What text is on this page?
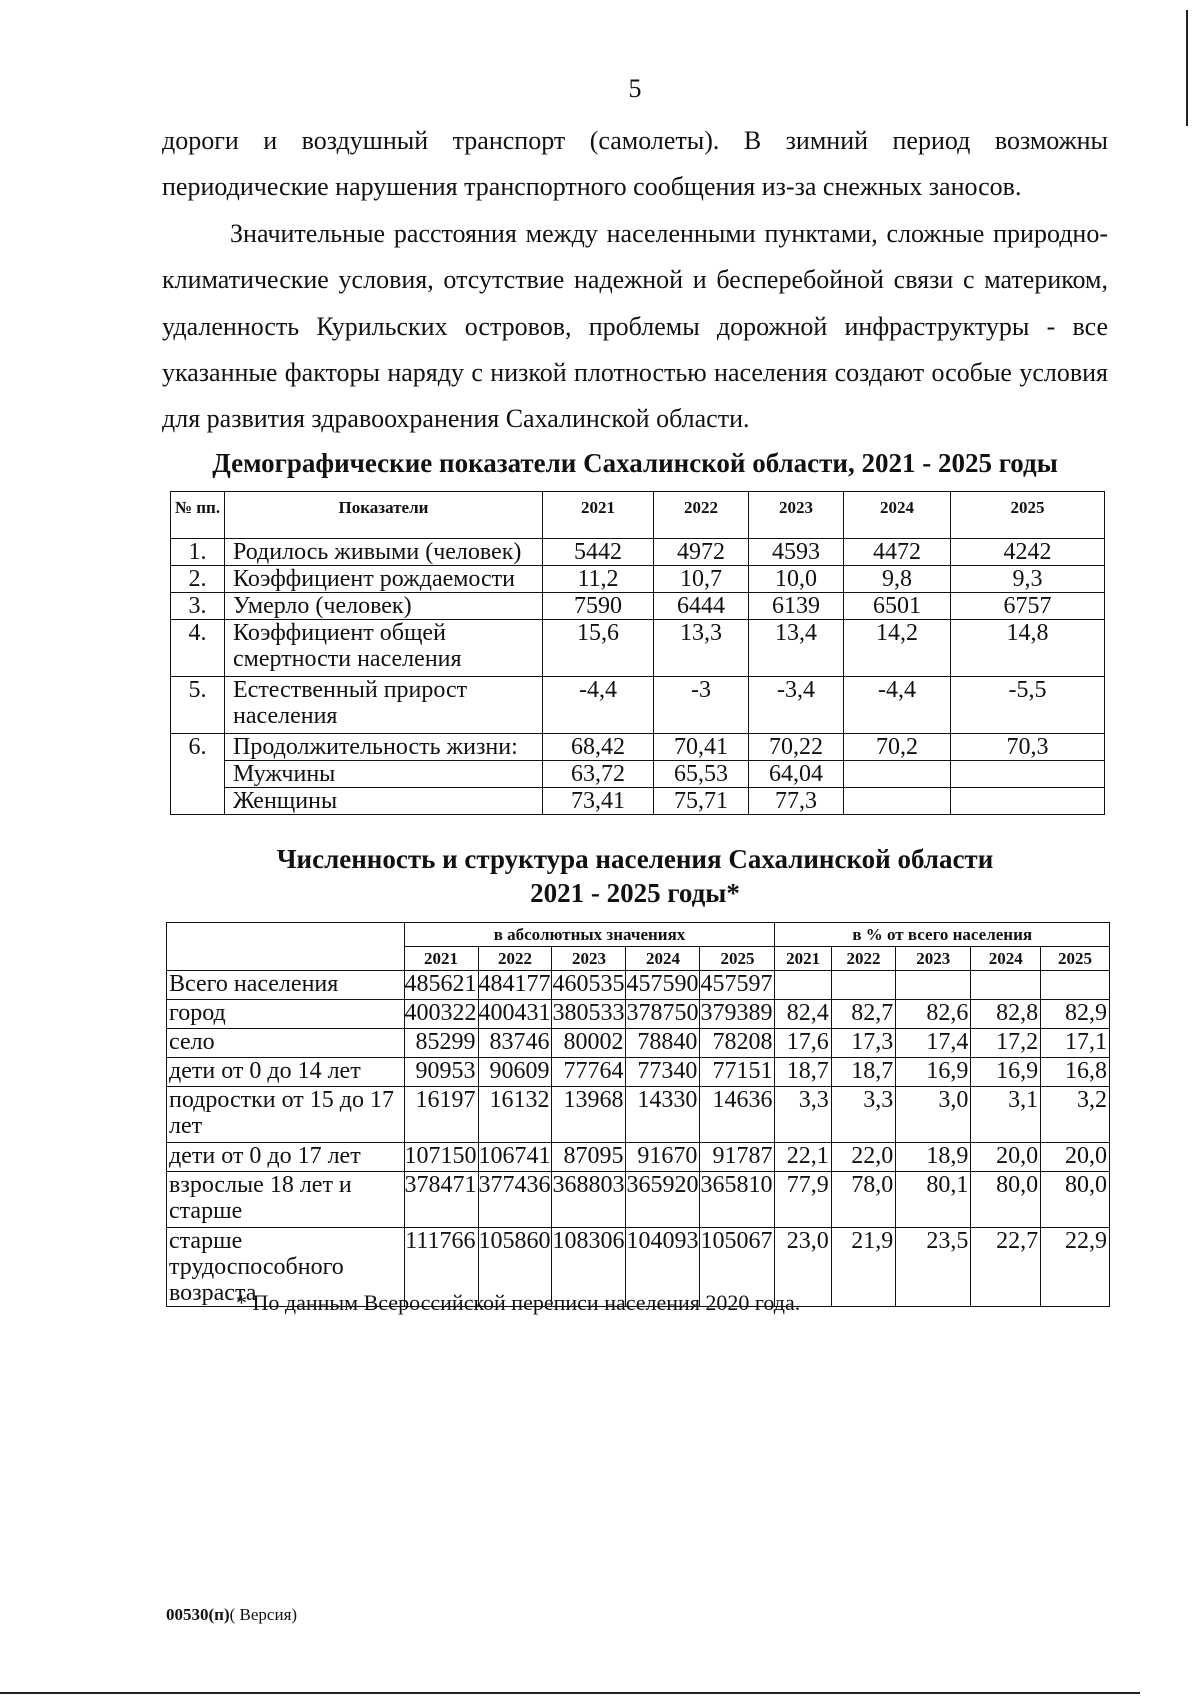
5

дороги и воздушный транспорт (самолеты). В зимний период возможны периодические нарушения транспортного сообщения из-за снежных заносов.

Значительные расстояния между населенными пунктами, сложные природно-климатические условия, отсутствие надежной и бесперебойной связи с материком, удаленность Курильских островов, проблемы дорожной инфраструктуры - все указанные факторы наряду с низкой плотностью населения создают особые условия для развития здравоохранения Сахалинской области.

Демографические показатели Сахалинской области, 2021 - 2025 годы
№ пп.	Показатели	2021	2022	2023	2024	2025
1.	Родилось живыми (человек)	5442	4972	4593	4472	4242
2.	Коэффициент рождаемости	11,2	10,7	10,0	9,8	9,3
3.	Умерло (человек)	7590	6444	6139	6501	6757
4.	Коэффициент общей смертности населения	15,6	13,3	13,4	14,2	14,8
5.	Естественный прирост населения	-4,4	-3	-3,4	-4,4	-5,5
6.	Продолжительность жизни:	68,42	70,41	70,22	70,2	70,3
	Мужчины	63,72	65,53	64,04		
	Женщины	73,41	75,71	77,3		
Численность и структура населения Сахалинской области
2021 - 2025 годы*
	в абсолютных значениях					в % от всего населения				
	2021	2022	2023	2024	2025	2021	2022	2023	2024	2025
Всего населения	485621	484177	460535	457590	457597					
город	400322	400431	380533	378750	379389	82,4	82,7	82,6	82,8	82,9
село	85299	83746	80002	78840	78208	17,6	17,3	17,4	17,2	17,1
дети от 0 до 14 лет	90953	90609	77764	77340	77151	18,7	18,7	16,9	16,9	16,8
подростки от 15 до 17 лет	16197	16132	13968	14330	14636	3,3	3,3	3,0	3,1	3,2
дети от 0 до 17 лет	107150	106741	87095	91670	91787	22,1	22,0	18,9	20,0	20,0
взрослые 18 лет и старше	378471	377436	368803	365920	365810	77,9	78,0	80,1	80,0	80,0
старше трудоспособного возраста	111766	105860	108306	104093	105067	23,0	21,9	23,5	22,7	22,9
* По данным Всероссийской переписи населения 2020 года.
00530(п)( Версия)
